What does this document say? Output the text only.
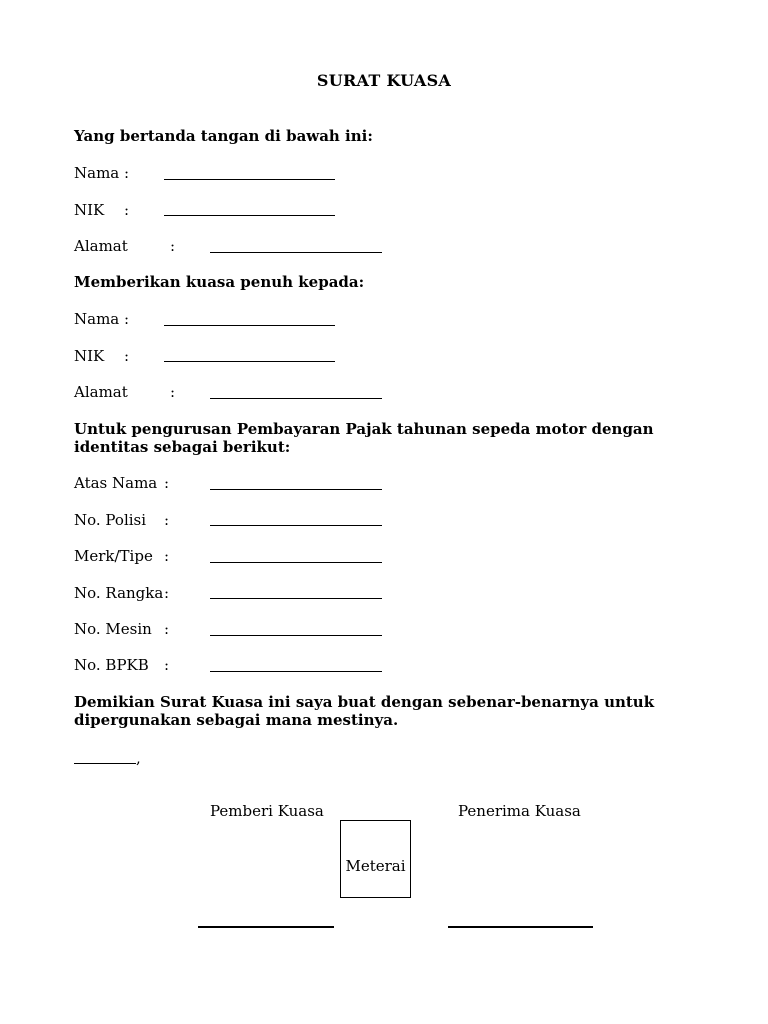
SURAT KUASA
Yang bertanda tangan di bawah ini:
Nama :
NIK :
Alamat	:
Memberikan kuasa penuh kepada:
Nama :
NIK :
Alamat	:
Untuk pengurusan Pembayaran Pajak tahunan sepeda motor dengan
identitas sebagai berikut:
Atas Nama :
No. Polisi :
Merk/Tipe :
No. Rangka :
No. Mesin :
No. BPKB :
Demikian Surat Kuasa ini saya buat dengan sebenar-benarnya untuk
dipergunakan sebagai mana mestinya.
,
Pemberi Kuasa	Penerima Kuasa
Meterai
